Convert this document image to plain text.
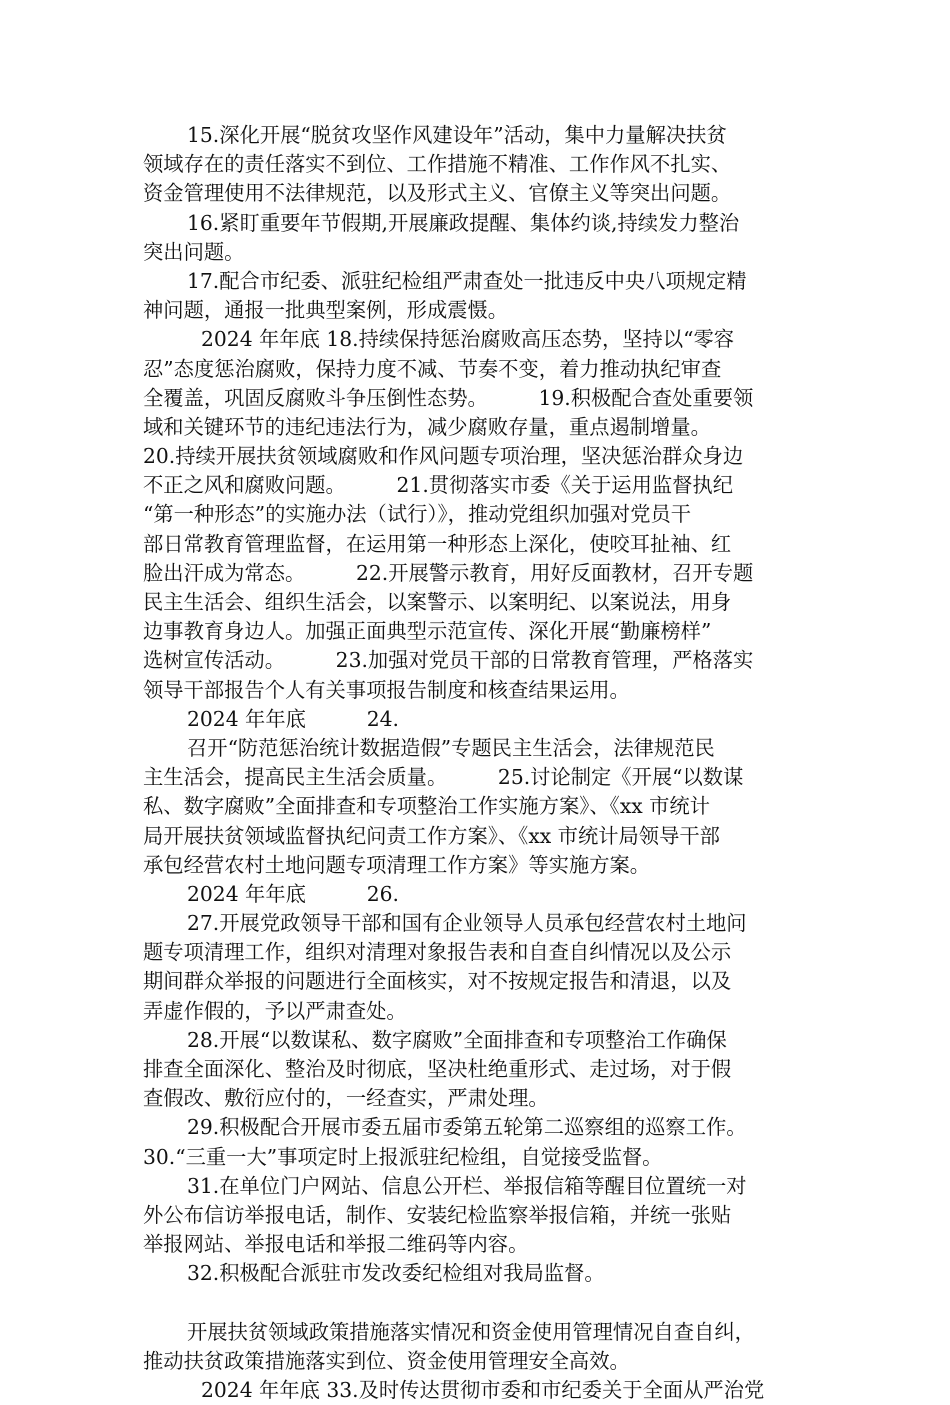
15.深化开展“脱贫攻坚作风建设年”活动，集中力量解决扶贫
领域存在的责任落实不到位、工作措施不精准、工作作风不扎实、
资金管理使用不法律规范，以及形式主义、官僚主义等突出问题。
16.紧盯重要年节假期,开展廉政提醒、集体约谈,持续发力整治
突出问题。
17.配合市纪委、派驻纪检组严肃查处一批违反中央八项规定精
神问题，通报一批典型案例，形成震慑。
2024 年年底 18.持续保持惩治腐败高压态势，坚持以“零容
忍”态度惩治腐败，保持力度不减、节奏不变，着力推动执纪审查
全覆盖，巩固反腐败斗争压倒性态势。　　　19.积极配合查处重要领
域和关键环节的违纪违法行为，减少腐败存量，重点遏制增量。
20.持续开展扶贫领域腐败和作风问题专项治理，坚决惩治群众身边
不正之风和腐败问题。　　　21.贯彻落实市委《关于运用监督执纪
“第一种形态”的实施办法（试行）》，推动党组织加强对党员干
部日常教育管理监督，在运用第一种形态上深化，使咬耳扯袖、红
脸出汗成为常态。　　　22.开展警示教育，用好反面教材，召开专题
民主生活会、组织生活会，以案警示、以案明纪、以案说法，用身
边事教育身边人。加强正面典型示范宣传、深化开展“勤廉榜样”
选树宣传活动。　　　23.加强对党员干部的日常教育管理，严格落实
领导干部报告个人有关事项报告制度和核查结果运用。
2024 年年底　　　24.
召开“防范惩治统计数据造假”专题民主生活会，法律规范民
主生活会，提高民主生活会质量。　　　25.讨论制定《开展“以数谋
私、数字腐败”全面排查和专项整治工作实施方案》、《xx 市统计
局开展扶贫领域监督执纪问责工作方案》、《xx 市统计局领导干部
承包经营农村土地问题专项清理工作方案》等实施方案。
2024 年年底　　　26.
27.开展党政领导干部和国有企业领导人员承包经营农村土地问
题专项清理工作，组织对清理对象报告表和自查自纠情况以及公示
期间群众举报的问题进行全面核实，对不按规定报告和清退，以及
弄虚作假的，予以严肃查处。
28.开展“以数谋私、数字腐败”全面排查和专项整治工作确保
排查全面深化、整治及时彻底，坚决杜绝重形式、走过场，对于假
查假改、敷衍应付的，一经查实，严肃处理。
29.积极配合开展市委五届市委第五轮第二巡察组的巡察工作。
30.“三重一大”事项定时上报派驻纪检组，自觉接受监督。
31.在单位门户网站、信息公开栏、举报信箱等醒目位置统一对
外公布信访举报电话，制作、安装纪检监察举报信箱，并统一张贴
举报网站、举报电话和举报二维码等内容。
32.积极配合派驻市发改委纪检组对我局监督。
开展扶贫领域政策措施落实情况和资金使用管理情况自查自纠，
推动扶贫政策措施落实到位、资金使用管理安全高效。
2024 年年底 33.及时传达贯彻市委和市纪委关于全面从严治党
